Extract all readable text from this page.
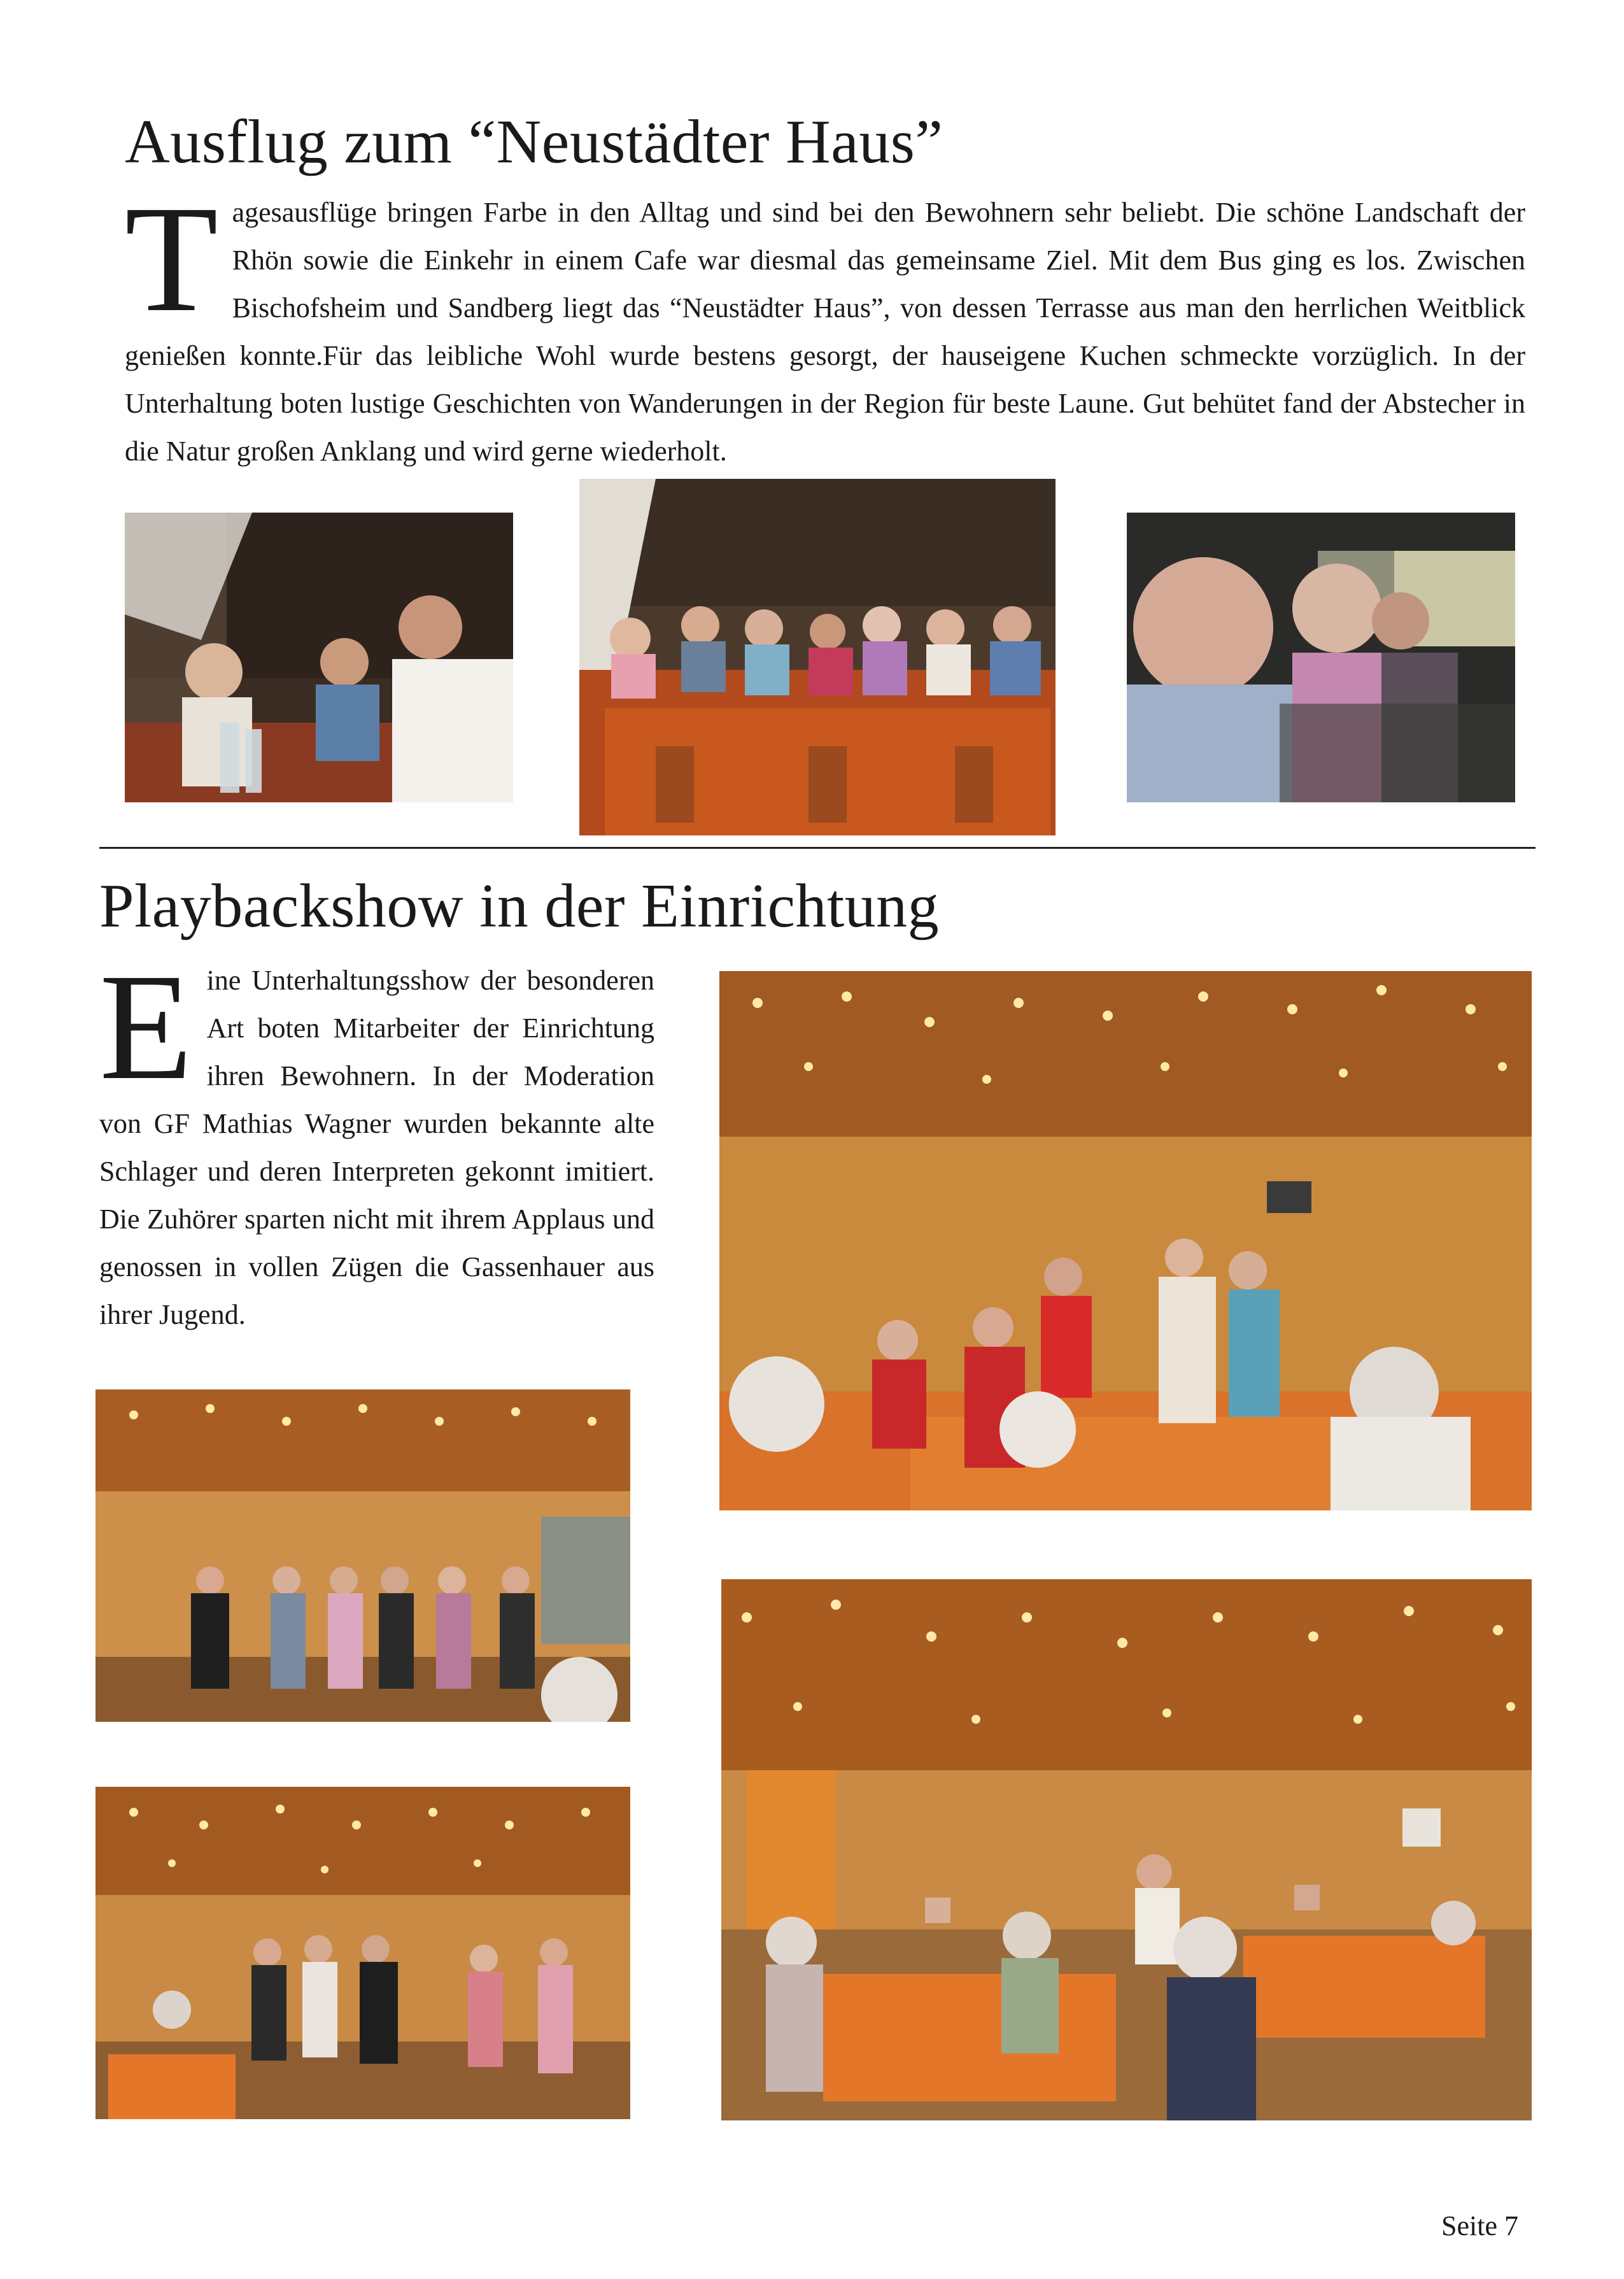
Ausflug zum “Neustädter Haus”

Tagesausflüge bringen Farbe in den Alltag und sind bei den Bewohnern sehr beliebt. Die schöne Landschaft der Rhön sowie die Einkehr in einem Cafe war diesmal das gemeinsame Ziel. Mit dem Bus ging es los. Zwischen Bischofsheim und Sandberg liegt das “Neustädter Haus”, von dessen Terrasse aus man den herrlichen Weitblick genießen konnte.Für das leibliche Wohl wurde bestens gesorgt, der hauseigene Kuchen schmeckte vorzüglich. In der Unterhaltung boten lustige Geschichten von Wanderungen in der Region für beste Laune. Gut behütet fand der Abstecher in die Natur großen Anklang und wird gerne wiederholt.

Playbackshow in der Einrichtung

Eine Unterhaltungsshow der besonderen Art boten Mitarbeiter der Einrichtung ihren Bewohnern. In der Moderation von GF Mathias Wagner wurden bekannte alte Schlager und deren Interpreten gekonnt imitiert. Die Zuhörer sparten nicht mit ihrem Applaus und genossen in vollen Zügen die Gassenhauer aus ihrer Jugend.

Seite 7
